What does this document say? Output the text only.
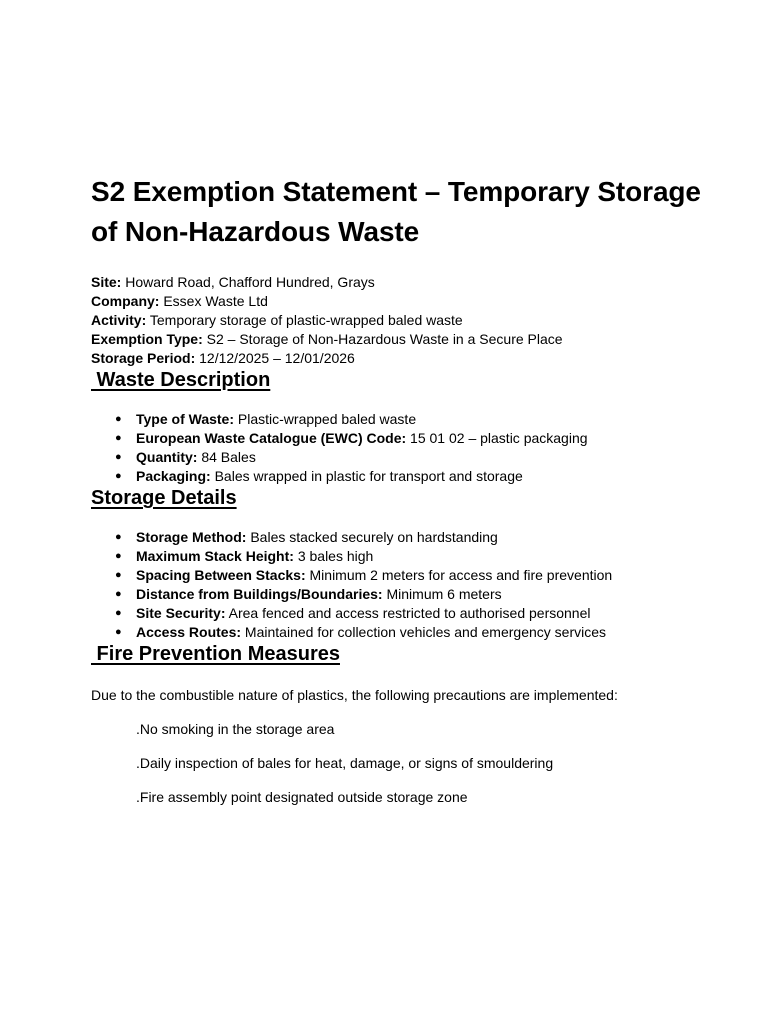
S2 Exemption Statement – Temporary Storage of Non-Hazardous Waste
Site: Howard Road, Chafford Hundred, Grays
Company: Essex Waste Ltd
Activity: Temporary storage of plastic-wrapped baled waste
Exemption Type: S2 – Storage of Non-Hazardous Waste in a Secure Place
Storage Period: 12/12/2025 – 12/01/2026
Waste Description
● Type of Waste: Plastic-wrapped baled waste
● European Waste Catalogue (EWC) Code: 15 01 02 – plastic packaging
● Quantity: 84 Bales
● Packaging: Bales wrapped in plastic for transport and storage
Storage Details
● Storage Method: Bales stacked securely on hardstanding
● Maximum Stack Height: 3 bales high
● Spacing Between Stacks: Minimum 2 meters for access and fire prevention
● Distance from Buildings/Boundaries: Minimum 6 meters
● Site Security: Area fenced and access restricted to authorised personnel
● Access Routes: Maintained for collection vehicles and emergency services
Fire Prevention Measures

Due to the combustible nature of plastics, the following precautions are implemented:

.No smoking in the storage area
.Daily inspection of bales for heat, damage, or signs of smouldering
.Fire assembly point designated outside storage zone
